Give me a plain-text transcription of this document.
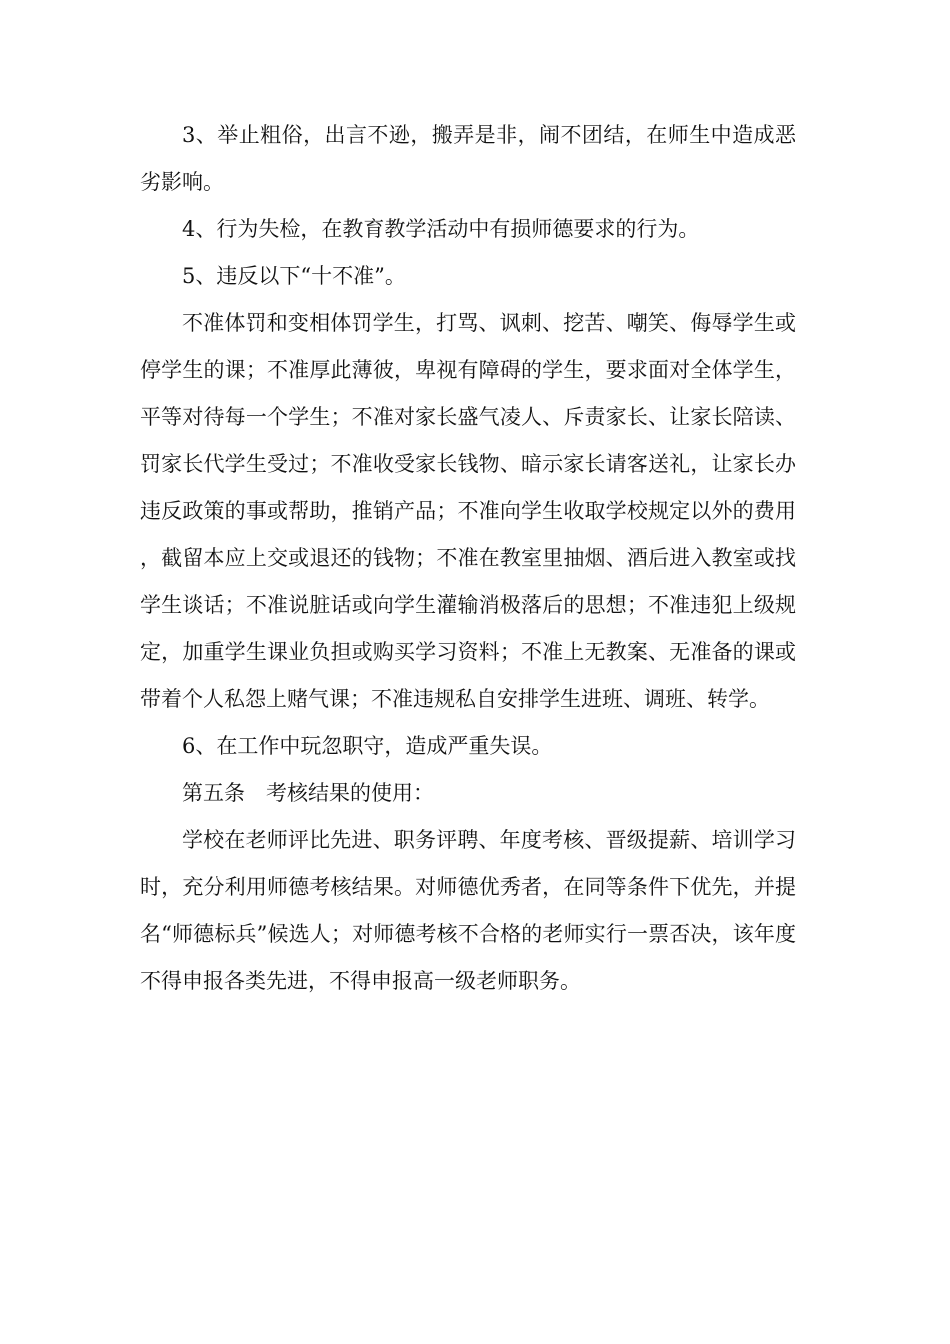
3、举止粗俗，出言不逊，搬弄是非，闹不团结，在师生中造成恶劣影响。

4、行为失检，在教育教学活动中有损师德要求的行为。

5、违反以下“十不准”。

不准体罚和变相体罚学生，打骂、讽刺、挖苦、嘲笑、侮辱学生或停学生的课；不准厚此薄彼，卑视有障碍的学生，要求面对全体学生，平等对待每一个学生；不准对家长盛气凌人、斥责家长、让家长陪读、罚家长代学生受过；不准收受家长钱物、暗示家长请客送礼，让家长办违反政策的事或帮助，推销产品；不准向学生收取学校规定以外的费用，截留本应上交或退还的钱物；不准在教室里抽烟、酒后进入教室或找学生谈话；不准说脏话或向学生灌输消极落后的思想；不准违犯上级规定，加重学生课业负担或购买学习资料；不准上无教案、无准备的课或带着个人私怨上赌气课；不准违规私自安排学生进班、调班、转学。

6、在工作中玩忽职守，造成严重失误。

第五条　考核结果的使用：

学校在老师评比先进、职务评聘、年度考核、晋级提薪、培训学习时，充分利用师德考核结果。对师德优秀者，在同等条件下优先，并提名“师德标兵”候选人；对师德考核不合格的老师实行一票否决，该年度不得申报各类先进，不得申报高一级老师职务。
